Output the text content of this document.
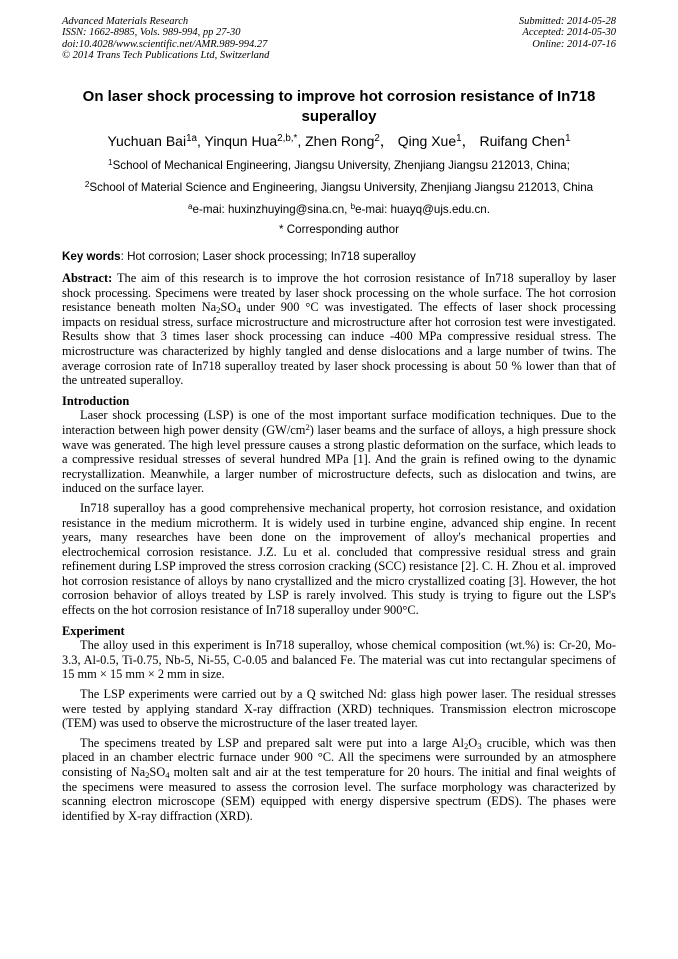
Advanced Materials Research
ISSN: 1662-8985, Vols. 989-994, pp 27-30
doi:10.4028/www.scientific.net/AMR.989-994.27
© 2014 Trans Tech Publications Ltd, Switzerland
Submitted: 2014-05-28
Accepted: 2014-05-30
Online: 2014-07-16
On laser shock processing to improve hot corrosion resistance of In718 superalloy
Yuchuan Bai$^{1a}$, Yinqun Hua$^{2,b,*}$, Zhen Rong$^2$， Qing Xue$^1$， Ruifang Chen$^1$
$^1$School of Mechanical Engineering, Jiangsu University, Zhenjiang Jiangsu 212013, China;
$^2$School of Material Science and Engineering, Jiangsu University, Zhenjiang Jiangsu 212013, China
$^a$e-mai: huxinzhuying@sina.cn, $^b$e-mai: huayq@ujs.edu.cn.
* Corresponding author
Key words: Hot corrosion; Laser shock processing; In718 superalloy

Abstract: The aim of this research is to improve the hot corrosion resistance of In718 superalloy by laser shock processing. Specimens were treated by laser shock processing on the whole surface. The hot corrosion resistance beneath molten $Na_2SO_4$ under 900 °C was investigated. The effects of laser shock processing impacts on residual stress, surface microstructure and microstructure after hot corrosion test were investigated. Results show that 3 times laser shock processing can induce -400 MPa compressive residual stress. The microstructure was characterized by highly tangled and dense dislocations and a large number of twins. The average corrosion rate of In718 superalloy treated by laser shock processing is about 50 % lower than that of the untreated superalloy.

Introduction

Laser shock processing (LSP) is one of the most important surface modification techniques. Due to the interaction between high power density $(GW/cm^2)$ laser beams and the surface of alloys, a high pressure shock wave was generated. The high level pressure causes a strong plastic deformation on the surface, which leads to a compressive residual stresses of several hundred MPa [1]. And the grain is refined owing to the dynamic recrystallization. Meanwhile, a larger number of microstructure defects, such as dislocation and twins, are induced on the surface layer.

In718 superalloy has a good comprehensive mechanical property, hot corrosion resistance, and oxidation resistance in the medium microtherm. It is widely used in turbine engine, advanced ship engine. In recent years, many researches have been done on the improvement of alloy's mechanical properties and electrochemical corrosion resistance. J.Z. Lu et al. concluded that compressive residual stress and grain refinement during LSP improved the stress corrosion cracking (SCC) resistance [2]. C. H. Zhou et al. improved hot corrosion resistance of alloys by nano crystallized and the micro crystallized coating [3]. However, the hot corrosion behavior of alloys treated by LSP is rarely involved. This study is trying to figure out the LSP's effects on the hot corrosion resistance of In718 superalloy under 900°C.

Experiment

The alloy used in this experiment is In718 superalloy, whose chemical composition (wt.%) is: Cr-20, Mo-3.3, Al-0.5, Ti-0.75, Nb-5, Ni-55, C-0.05 and balanced Fe. The material was cut into rectangular specimens of 15 mm × 15 mm × 2 mm in size.

The LSP experiments were carried out by a Q switched Nd: glass high power laser. The residual stresses were tested by applying standard X-ray diffraction (XRD) techniques. Transmission electron microscope (TEM) was used to observe the microstructure of the laser treated layer.

The specimens treated by LSP and prepared salt were put into a large $Al_2O_3$ crucible, which was then placed in an chamber electric furnace under 900 °C. All the specimens were surrounded by an atmosphere consisting of $Na_2SO_4$ molten salt and air at the test temperature for 20 hours. The initial and final weights of the specimens were measured to assess the corrosion level. The surface morphology was characterized by scanning electron microscope (SEM) equipped with energy dispersive spectrum (EDS). The phases were identified by X-ray diffraction (XRD).
